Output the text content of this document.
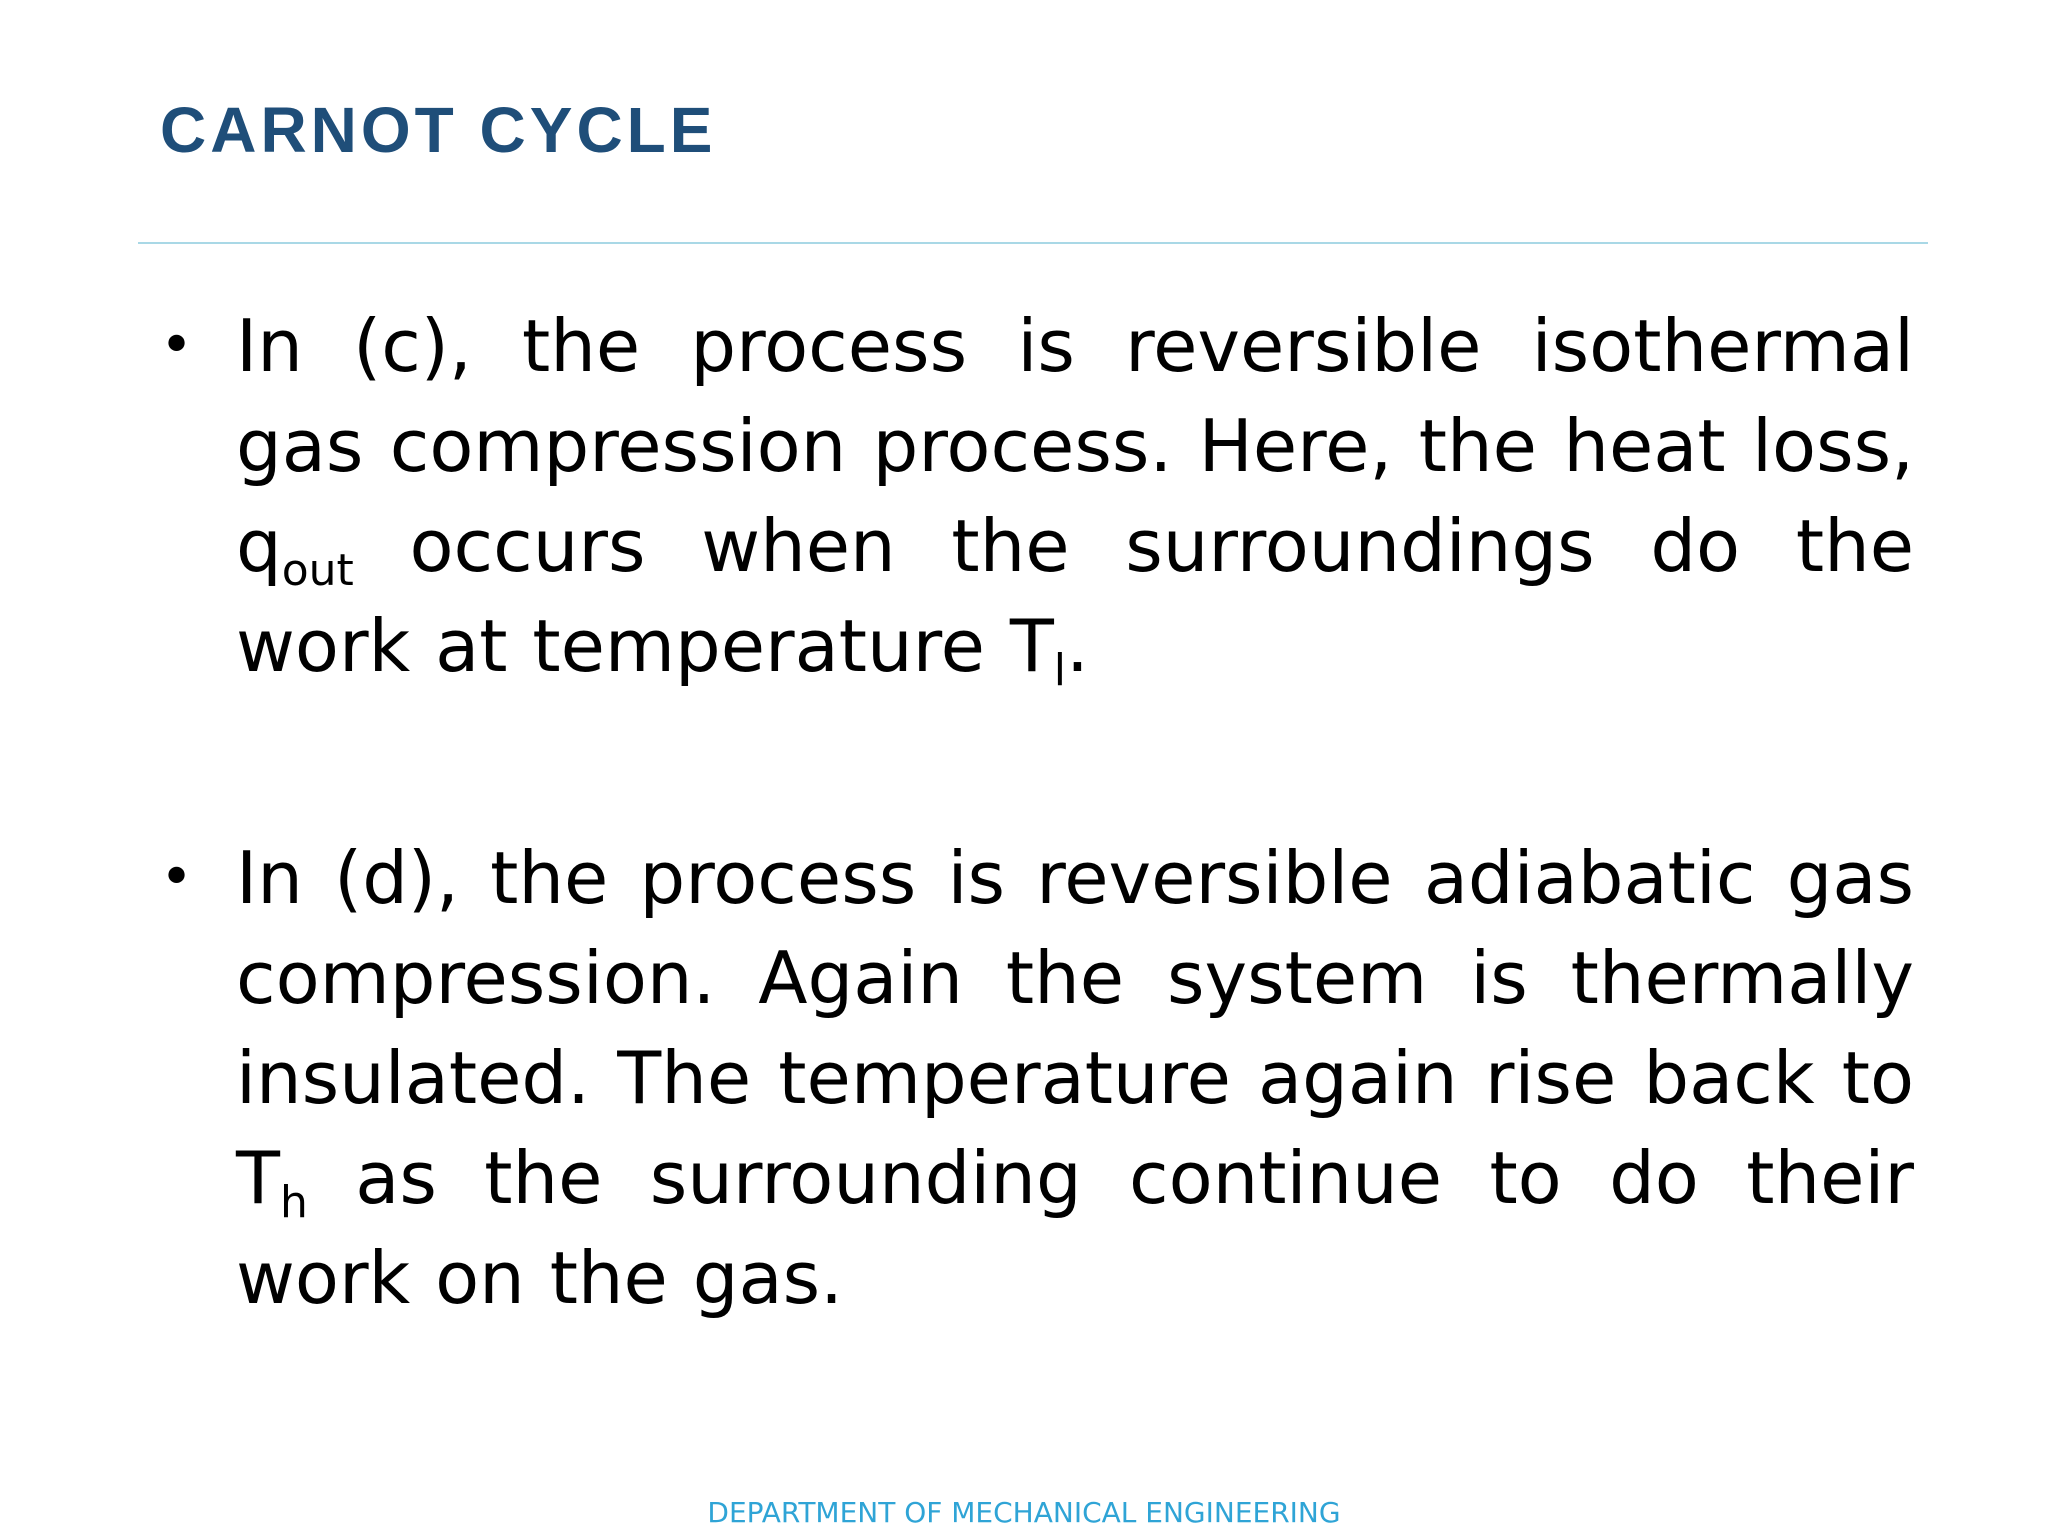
CARNOT CYCLE
• In (c), the process is reversible isothermal gas compression process. Here, the heat loss, $q_{out}$ occurs when the surroundings do the work at temperature $T_l$.

• In (d), the process is reversible adiabatic gas compression. Again the system is thermally insulated. The temperature again rise back to $T_h$ as the surrounding continue to do their work on the gas.

DEPARTMENT OF MECHANICAL ENGINEERING
